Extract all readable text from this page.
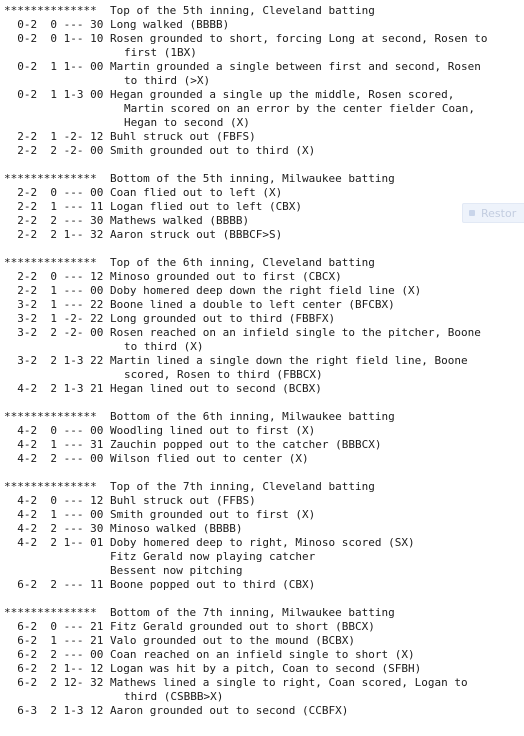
**************	Top of the 5th inning, Cleveland batting
0-2  0 --- 30 Long walked (BBBB)
0-2  0 1-- 10 Rosen grounded to short, forcing Long at second, Rosen to
first (1BX)
0-2  1 1-- 00 Martin grounded a single between first and second, Rosen
to third (>X)
0-2  1 1-3 00 Hegan grounded a single up the middle, Rosen scored,
Martin scored on an error by the center fielder Coan,
Hegan to second (X)
2-2  1 -2- 12 Buhl struck out (FBFS)
2-2  2 -2- 00 Smith grounded out to third (X)
**************	Bottom of the 5th inning, Milwaukee batting
2-2  0 --- 00 Coan flied out to left (X)
2-2  1 --- 11 Logan flied out to left (CBX)
2-2  2 --- 30 Mathews walked (BBBB)
2-2  2 1-- 32 Aaron struck out (BBBCF>S)
**************	Top of the 6th inning, Cleveland batting
2-2  0 --- 12 Minoso grounded out to first (CBCX)
2-2  1 --- 00 Doby homered deep down the right field line (X)
3-2  1 --- 22 Boone lined a double to left center (BFCBX)
3-2  1 -2- 22 Long grounded out to third (FBBFX)
3-2  2 -2- 00 Rosen reached on an infield single to the pitcher, Boone
to third (X)
3-2  2 1-3 22 Martin lined a single down the right field line, Boone
scored, Rosen to third (FBBCX)
4-2  2 1-3 21 Hegan lined out to second (BCBX)
**************	Bottom of the 6th inning, Milwaukee batting
4-2  0 --- 00 Woodling lined out to first (X)
4-2  1 --- 31 Zauchin popped out to the catcher (BBBCX)
4-2  2 --- 00 Wilson flied out to center (X)
**************	Top of the 7th inning, Cleveland batting
4-2  0 --- 12 Buhl struck out (FFBS)
4-2  1 --- 00 Smith grounded out to first (X)
4-2  2 --- 30 Minoso walked (BBBB)
4-2  2 1-- 01 Doby homered deep to right, Minoso scored (SX)
Fitz Gerald now playing catcher
Bessent now pitching
6-2  2 --- 11 Boone popped out to third (CBX)
**************	Bottom of the 7th inning, Milwaukee batting
6-2  0 --- 21 Fitz Gerald grounded out to short (BBCX)
6-2  1 --- 21 Valo grounded out to the mound (BCBX)
6-2  2 --- 00 Coan reached on an infield single to short (X)
6-2  2 1-- 12 Logan was hit by a pitch, Coan to second (SFBH)
6-2  2 12- 32 Mathews lined a single to right, Coan scored, Logan to
third (CSBBB>X)
6-3  2 1-3 12 Aaron grounded out to second (CCBFX)
Restor
